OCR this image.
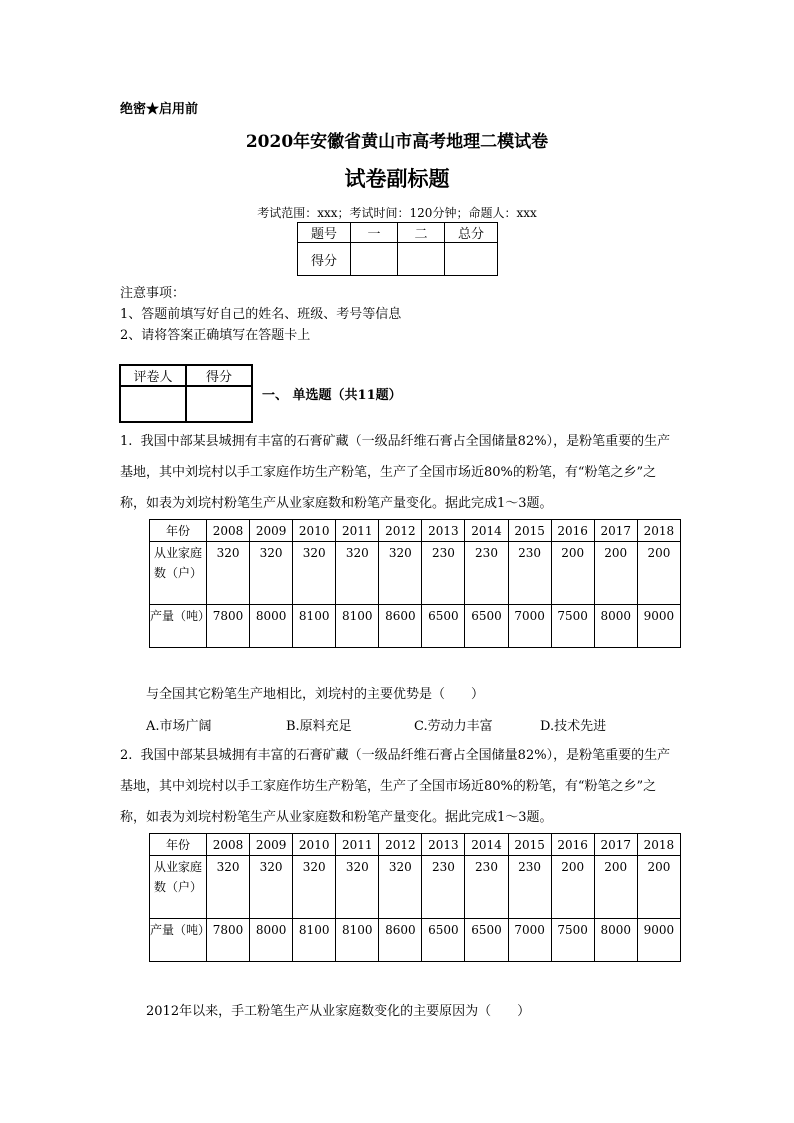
绝密★启用前
2020年安徽省黄山市高考地理二模试卷
试卷副标题
考试范围：xxx；考试时间：120分钟；命题人：xxx
题号	一	二	总分
得分			
注意事项：
1、答题前填写好自己的姓名、班级、考号等信息
2、请将答案正确填写在答题卡上
评卷人	得分

一、 单选题（共11题）
1. 我国中部某县城拥有丰富的石膏矿藏（一级品纤维石膏占全国储量82%），是粉笔重要的生产基地，其中刘垸村以手工家庭作坊生产粉笔，生产了全国市场近80%的粉笔，有“粉笔之乡”之称，如表为刘垸村粉笔生产从业家庭数和粉笔产量变化。据此完成1～3题。
年份	2008	2009	2010	2011	2012	2013	2014	2015	2016	2017	2018
从业家庭数（户）	320	320	320	320	320	230	230	230	200	200	200
产量（吨）	7800	8000	8100	8100	8600	6500	6500	7000	7500	8000	9000
与全国其它粉笔生产地相比，刘垸村的主要优势是（　　）
A.市场广阔	B.原料充足	C.劳动力丰富	D.技术先进
2. 我国中部某县城拥有丰富的石膏矿藏（一级品纤维石膏占全国储量82%），是粉笔重要的生产基地，其中刘垸村以手工家庭作坊生产粉笔，生产了全国市场近80%的粉笔，有“粉笔之乡”之称，如表为刘垸村粉笔生产从业家庭数和粉笔产量变化。据此完成1～3题。
年份	2008	2009	2010	2011	2012	2013	2014	2015	2016	2017	2018
从业家庭数（户）	320	320	320	320	320	230	230	230	200	200	200
产量（吨）	7800	8000	8100	8100	8600	6500	6500	7000	7500	8000	9000
2012年以来，手工粉笔生产从业家庭数变化的主要原因为（　　）
